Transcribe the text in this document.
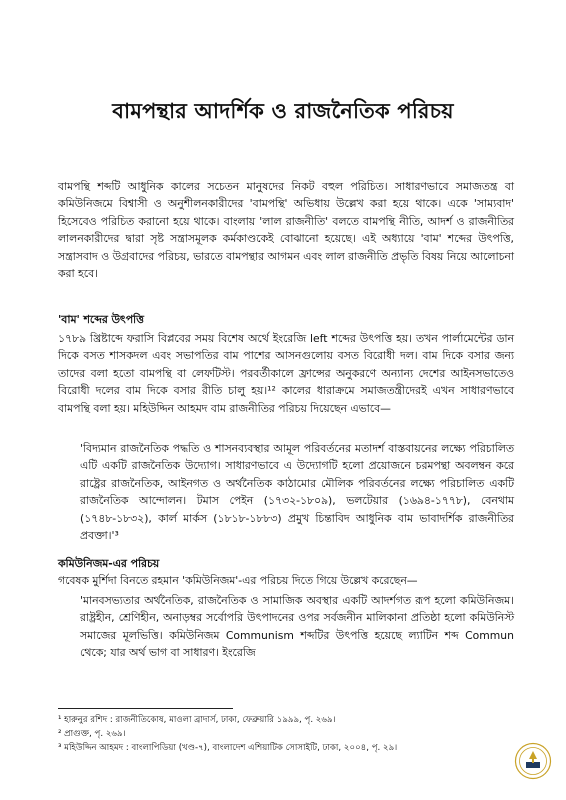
বামপন্থার আদর্শিক ও রাজনৈতিক পরিচয়

বামপন্থি শব্দটি আধুনিক কালের সচেতন মানুষদের নিকট বহুল পরিচিত। সাধারণভাবে সমাজতন্ত্র বা কমিউনিজমে বিশ্বাসী ও অনুশীলনকারীদের 'বামপন্থি' অভিধায় উল্লেখ করা হয়ে থাকে। একে 'সাম্যবাদ' হিসেবেও পরিচিত করানো হয়ে থাকে। বাংলায় 'লাল রাজনীতি' বলতে বামপন্থি নীতি, আদর্শ ও রাজনীতির লালনকারীদের দ্বারা সৃষ্ট সন্ত্রাসমূলক কর্মকাণ্ডকেই বোঝানো হয়েছে। এই অধ্যায়ে 'বাম' শব্দের উৎপত্তি, সন্ত্রাসবাদ ও উগ্রবাদের পরিচয়, ভারতে বামপন্থার আগমন এবং লাল রাজনীতি প্রভৃতি বিষয় নিয়ে আলোচনা করা হবে।

'বাম' শব্দের উৎপত্তি

১৭৮৯ খ্রিষ্টাব্দে ফরাসি বিপ্লবের সময় বিশেষ অর্থে ইংরেজি left শব্দের উৎপত্তি হয়। তখন পার্লামেন্টের ডান দিকে বসত শাসকদল এবং সভাপতির বাম পাশের আসনগুলোয় বসত বিরোধী দল। বাম দিকে বসার জন্য তাদের বলা হতো বামপন্থি বা লেফটিস্ট। পরবর্তীকালে ফ্রান্সের অনুকরণে অন্যান্য দেশের আইনসভাতেও বিরোধী দলের বাম দিকে বসার রীতি চালু হয়।¹² কালের ধারাক্রমে সমাজতন্ত্রীদেরই এখন সাধারণভাবে বামপন্থি বলা হয়। মহিউদ্দিন আহমদ বাম রাজনীতির পরিচয় দিয়েছেন এভাবে—

'বিদ্যমান রাজনৈতিক পদ্ধতি ও শাসনব্যবস্থার আমূল পরিবর্তনের মতাদর্শ বাস্তবায়নের লক্ষ্যে পরিচালিত এটি একটি রাজনৈতিক উদ্যোগ। সাধারণভাবে এ উদ্যোগটি হলো প্রয়োজনে চরমপন্থা অবলম্বন করে রাষ্ট্রের রাজনৈতিক, আইনগত ও অর্থনৈতিক কাঠামোর মৌলিক পরিবর্তনের লক্ষ্যে পরিচালিত একটি রাজনৈতিক আন্দোলন। টমাস পেইন (১৭৩২-১৮০৯), ভলটেয়ার (১৬৯৪-১৭৭৮), বেনথাম (১৭৪৮-১৮৩২), কার্ল মার্কস (১৮১৮-১৮৮৩) প্রমুখ চিন্তাবিদ আধুনিক বাম ভাবাদর্শিক রাজনীতির প্রবক্তা।'³

কমিউনিজম-এর পরিচয়

গবেষক মুর্শিদা বিনতে রহমান 'কমিউনিজম'-এর পরিচয় দিতে গিয়ে উল্লেখ করেছেন—

'মানবসভ্যতার অর্থনৈতিক, রাজনৈতিক ও সামাজিক অবস্থার একটি আদর্শগত রূপ হলো কমিউনিজম। রাষ্ট্রহীন, শ্রেণিহীন, অনাড়ম্বর সর্বোপরি উৎপাদনের ওপর সর্বজনীন মালিকানা প্রতিষ্ঠা হলো কমিউনিস্ট সমাজের মূলভিত্তি। কমিউনিজম Communism শব্দটির উৎপত্তি হয়েছে ল্যাটিন শব্দ Commun থেকে; যার অর্থ ভাগ বা সাধারণ। ইংরেজি

¹ হারুনুর রশিদ : রাজনীতিকোষ, মাওলা ব্রাদার্স, ঢাকা, ফেব্রুয়ারি ১৯৯৯, পৃ. ২৬৯।

² প্রাগুক্ত, পৃ. ২৬৯।

³ মহিউদ্দিন আহমদ : বাংলাপিডিয়া (খণ্ড-৭), বাংলাদেশ এশিয়াটিক সোসাইটি, ঢাকা, ২০০৪, পৃ. ২৯।
